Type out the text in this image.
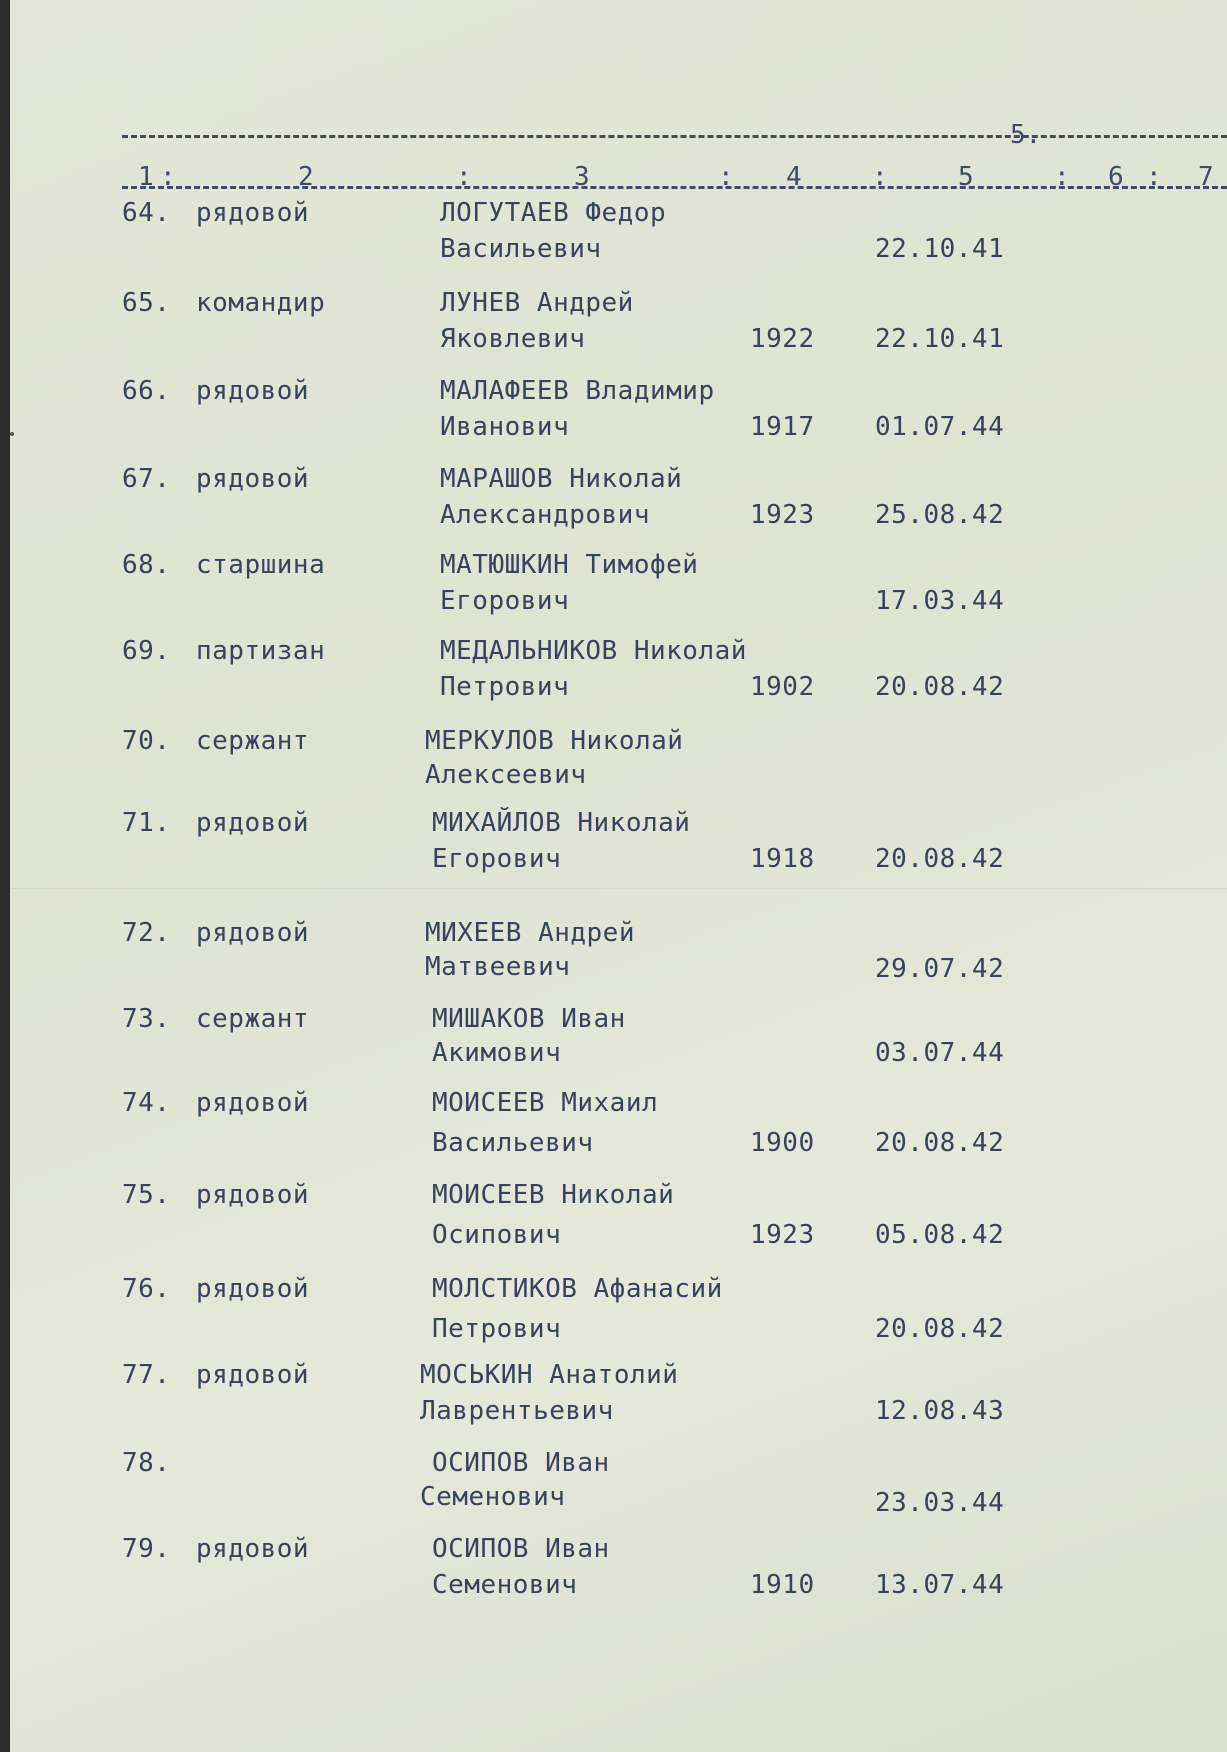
5.
1 :	2	:	3	: 4	:	5	: 6 : 7
64. рядовой	ЛОГУТАЕВ Федор
Васильевич	22.10.41
65. командир	ЛУНЕВ Андрей
Яковлевич	1922 22.10.41
66. рядовой	МАЛАФЕЕВ Владимир
Иванович	1917 01.07.44
67. рядовой	МАРАШОВ Николай
Александрович	1923 25.08.42
68. старшина	МАТЮШКИН Тимофей
Егорович	17.03.44
69. партизан	МЕДАЛЬНИКОВ Николай
Петрович	1902 20.08.42
70. сержант	МЕРКУЛОВ Николай
Алексеевич
71. рядовой	МИХАЙЛОВ Николай
Егорович	1918 20.08.42
72. рядовой	МИХЕЕВ Андрей
Матвеевич	29.07.42
73. сержант	МИШАКОВ Иван
Акимович	03.07.44
74. рядовой	МОИСЕЕВ Михаил
Васильевич	1900 20.08.42
75. рядовой	МОИСЕЕВ Николай
Осипович	1923 05.08.42
76. рядовой	МОЛСТИКОВ Афанасий
Петрович	20.08.42
77. рядовой	МОСЬКИН Анатолий
Лаврентьевич	12.08.43
78.	ОСИПОВ Иван
Семенович	23.03.44
79. рядовой	ОСИПОВ Иван
Семенович	1910 13.07.44
